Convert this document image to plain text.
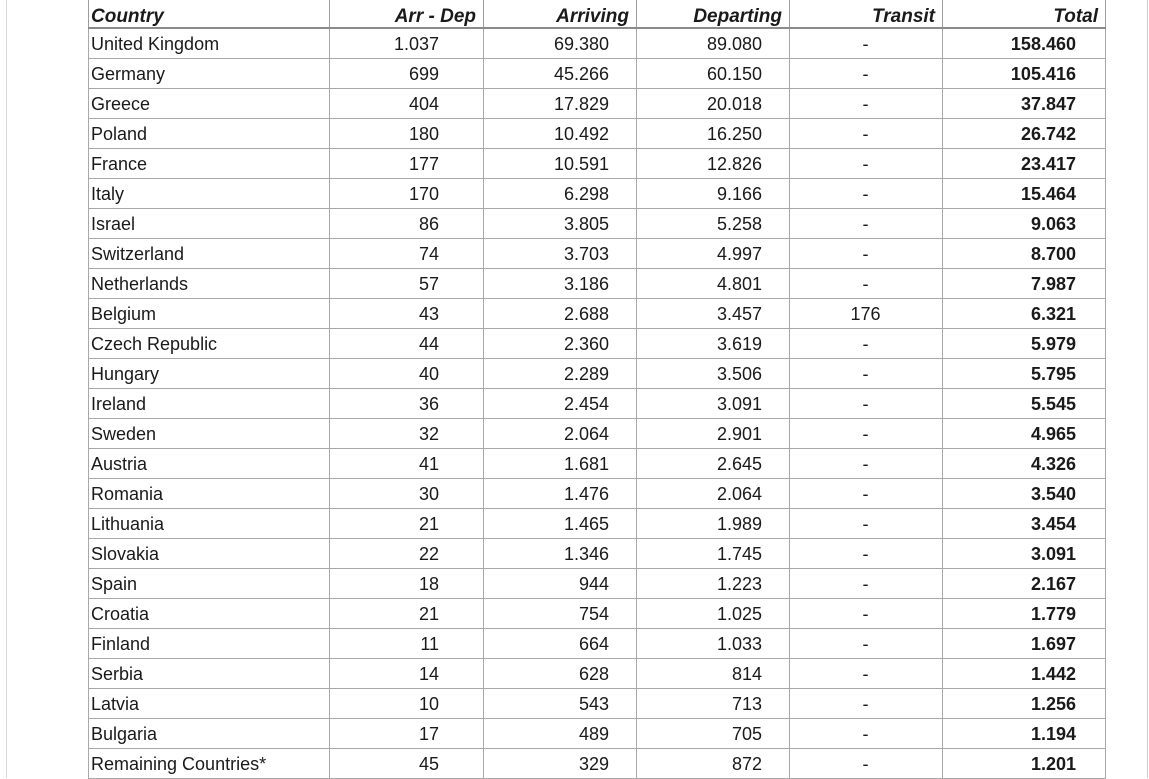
Country	Arr - Dep	Arriving	Departing	Transit	Total
United Kingdom	1.037	69.380	89.080	-	158.460
Germany	699	45.266	60.150	-	105.416
Greece	404	17.829	20.018	-	37.847
Poland	180	10.492	16.250	-	26.742
France	177	10.591	12.826	-	23.417
Italy	170	6.298	9.166	-	15.464
Israel	86	3.805	5.258	-	9.063
Switzerland	74	3.703	4.997	-	8.700
Netherlands	57	3.186	4.801	-	7.987
Belgium	43	2.688	3.457	176	6.321
Czech Republic	44	2.360	3.619	-	5.979
Hungary	40	2.289	3.506	-	5.795
Ireland	36	2.454	3.091	-	5.545
Sweden	32	2.064	2.901	-	4.965
Austria	41	1.681	2.645	-	4.326
Romania	30	1.476	2.064	-	3.540
Lithuania	21	1.465	1.989	-	3.454
Slovakia	22	1.346	1.745	-	3.091
Spain	18	944	1.223	-	2.167
Croatia	21	754	1.025	-	1.779
Finland	11	664	1.033	-	1.697
Serbia	14	628	814	-	1.442
Latvia	10	543	713	-	1.256
Bulgaria	17	489	705	-	1.194
Remaining Countries*	45	329	872	-	1.201
